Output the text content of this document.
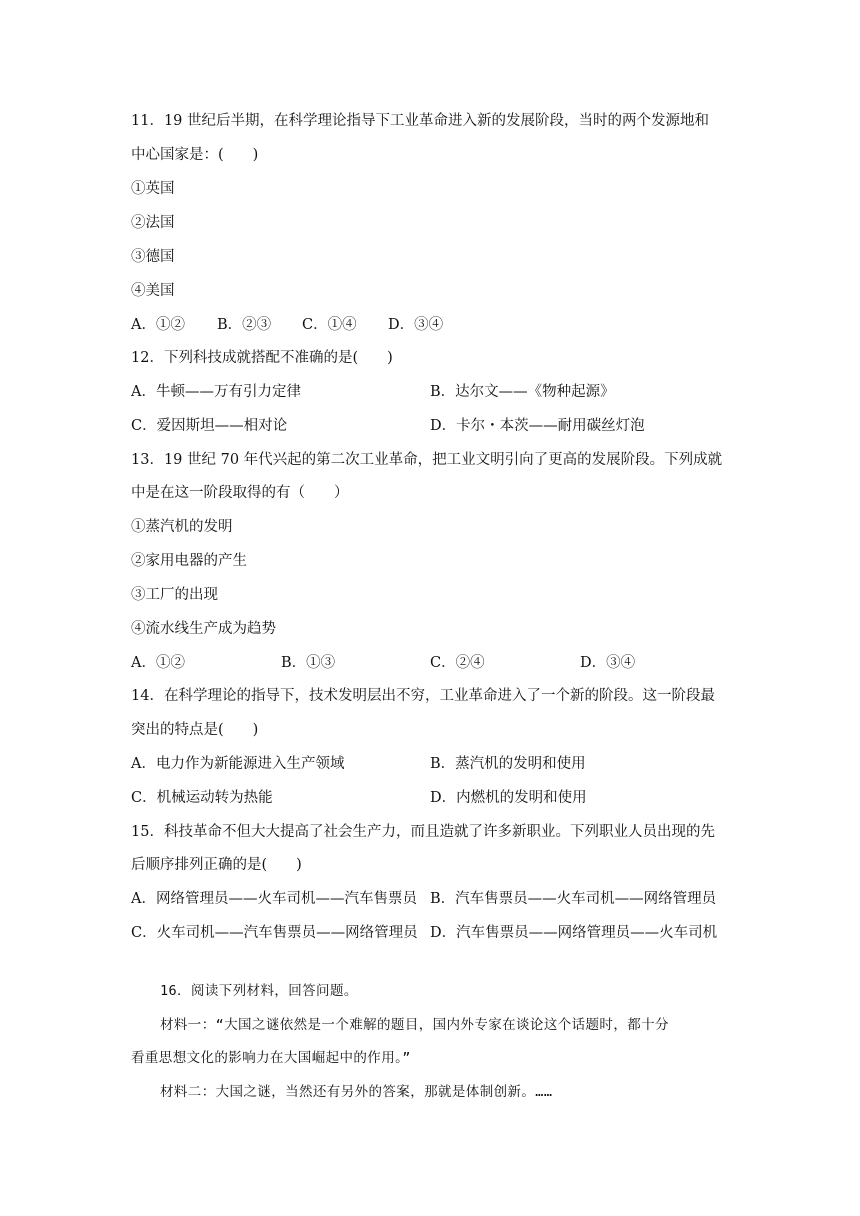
11．19 世纪后半期，在科学理论指导下工业革命进入新的发展阶段，当时的两个发源地和
中心国家是：(　　)
①英国
②法国
③德国
④美国
A．①② B．②③ C．①④ D．③④
12．下列科技成就搭配不准确的是(　　)
A．牛顿——万有引力定律	B．达尔文——《物种起源》
C．爱因斯坦——相对论	D．卡尔・本茨——耐用碳丝灯泡
13．19 世纪 70 年代兴起的第二次工业革命，把工业文明引向了更高的发展阶段。下列成就
中是在这一阶段取得的有（　　）
①蒸汽机的发明
②家用电器的产生
③工厂的出现
④流水线生产成为趋势
A．①②	B．①③	C．②④	D．③④
14．在科学理论的指导下，技术发明层出不穷，工业革命进入了一个新的阶段。这一阶段最
突出的特点是(　　)
A．电力作为新能源进入生产领域	B．蒸汽机的发明和使用
C．机械运动转为热能	D．内燃机的发明和使用
15．科技革命不但大大提高了社会生产力，而且造就了许多新职业。下列职业人员出现的先
后顺序排列正确的是(　　)
A．网络管理员——火车司机——汽车售票员 B．汽车售票员——火车司机——网络管理员
C．火车司机——汽车售票员——网络管理员 D．汽车售票员——网络管理员——火车司机
16．阅读下列材料，回答问题。
材料一：“大国之谜依然是一个难解的题目，国内外专家在谈论这个话题时，都十分
看重思想文化的影响力在大国崛起中的作用。”
材料二：大国之谜，当然还有另外的答案，那就是体制创新。……
